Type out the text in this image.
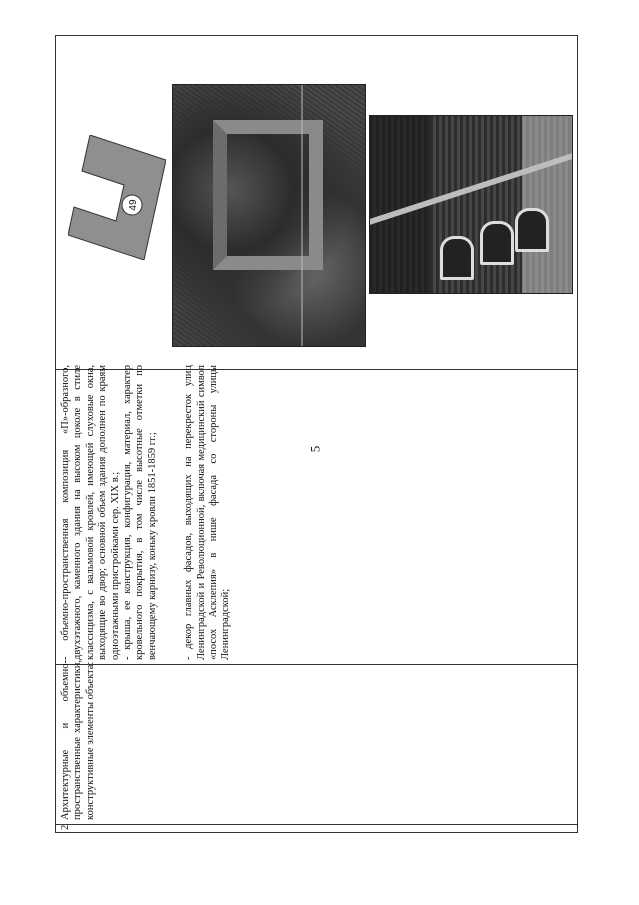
5
2
Архитектурные и объемно-пространственные характеристики, конструктивные элементы объекта:

- объемно-пространственная композиция «П»-образного, двухэтажного, каменного здания на высоком цоколе в стиле классицизма, с вальмовой кровлей, имеющей слуховые окна, выходящие во двор; основной объем здания дополнен по краям одноэтажными пристройками сер. XIX в.; - крыша, ее конструкция, конфигурация, материал, характер кровельного покрытия, в том числе высотные отметки по венчающему карнизу, коньку кровли 1851-1859 гг.; - декор главных фасадов, выходящих на перекресток улиц Ленинградской и Революционной, включая медицинский символ «посох Асклепия» в нише фасада со стороны улицы Ленинградской;

49
